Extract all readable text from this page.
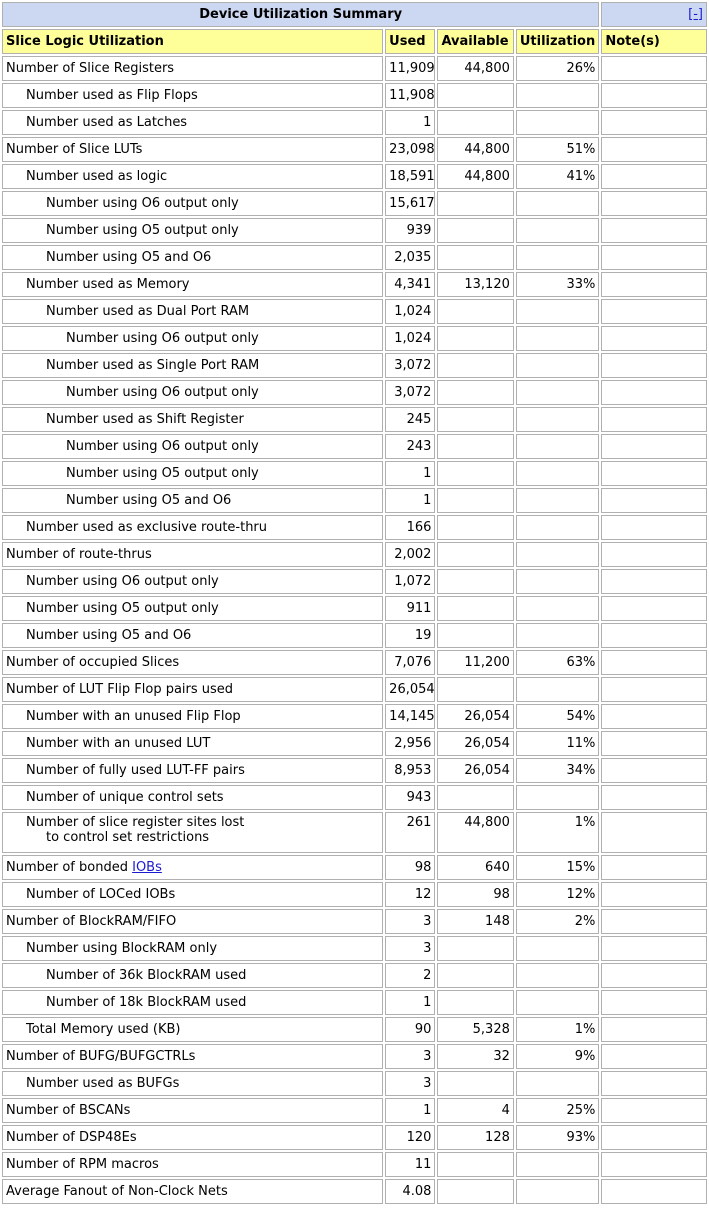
Device Utilization Summary				[-]
Slice Logic Utilization	Used	Available	Utilization	Note(s)
Number of Slice Registers	11,909	44,800	26%	
Number used as Flip Flops	11,908			
Number used as Latches	1			
Number of Slice LUTs	23,098	44,800	51%	
Number used as logic	18,591	44,800	41%	
Number using O6 output only	15,617			
Number using O5 output only	939			
Number using O5 and O6	2,035			
Number used as Memory	4,341	13,120	33%	
Number used as Dual Port RAM	1,024			
Number using O6 output only	1,024			
Number used as Single Port RAM	3,072			
Number using O6 output only	3,072			
Number used as Shift Register	245			
Number using O6 output only	243			
Number using O5 output only	1			
Number using O5 and O6	1			
Number used as exclusive route-thru	166			
Number of route-thrus	2,002			
Number using O6 output only	1,072			
Number using O5 output only	911			
Number using O5 and O6	19			
Number of occupied Slices	7,076	11,200	63%	
Number of LUT Flip Flop pairs used	26,054			
Number with an unused Flip Flop	14,145	26,054	54%	
Number with an unused LUT	2,956	26,054	11%	
Number of fully used LUT-FF pairs	8,953	26,054	34%	
Number of unique control sets	943			

Number of slice register sites lost
to control set restrictions	261	44,800	1%	
Number of bonded IOBs	98	640	15%	
Number of LOCed IOBs	12	98	12%	
Number of BlockRAM/FIFO	3	148	2%	
Number using BlockRAM only	3			
Number of 36k BlockRAM used	2			
Number of 18k BlockRAM used	1			
Total Memory used (KB)	90	5,328	1%	
Number of BUFG/BUFGCTRLs	3	32	9%	
Number used as BUFGs	3			
Number of BSCANs	1	4	25%	
Number of DSP48Es	120	128	93%	
Number of RPM macros	11			
Average Fanout of Non-Clock Nets	4.08			
